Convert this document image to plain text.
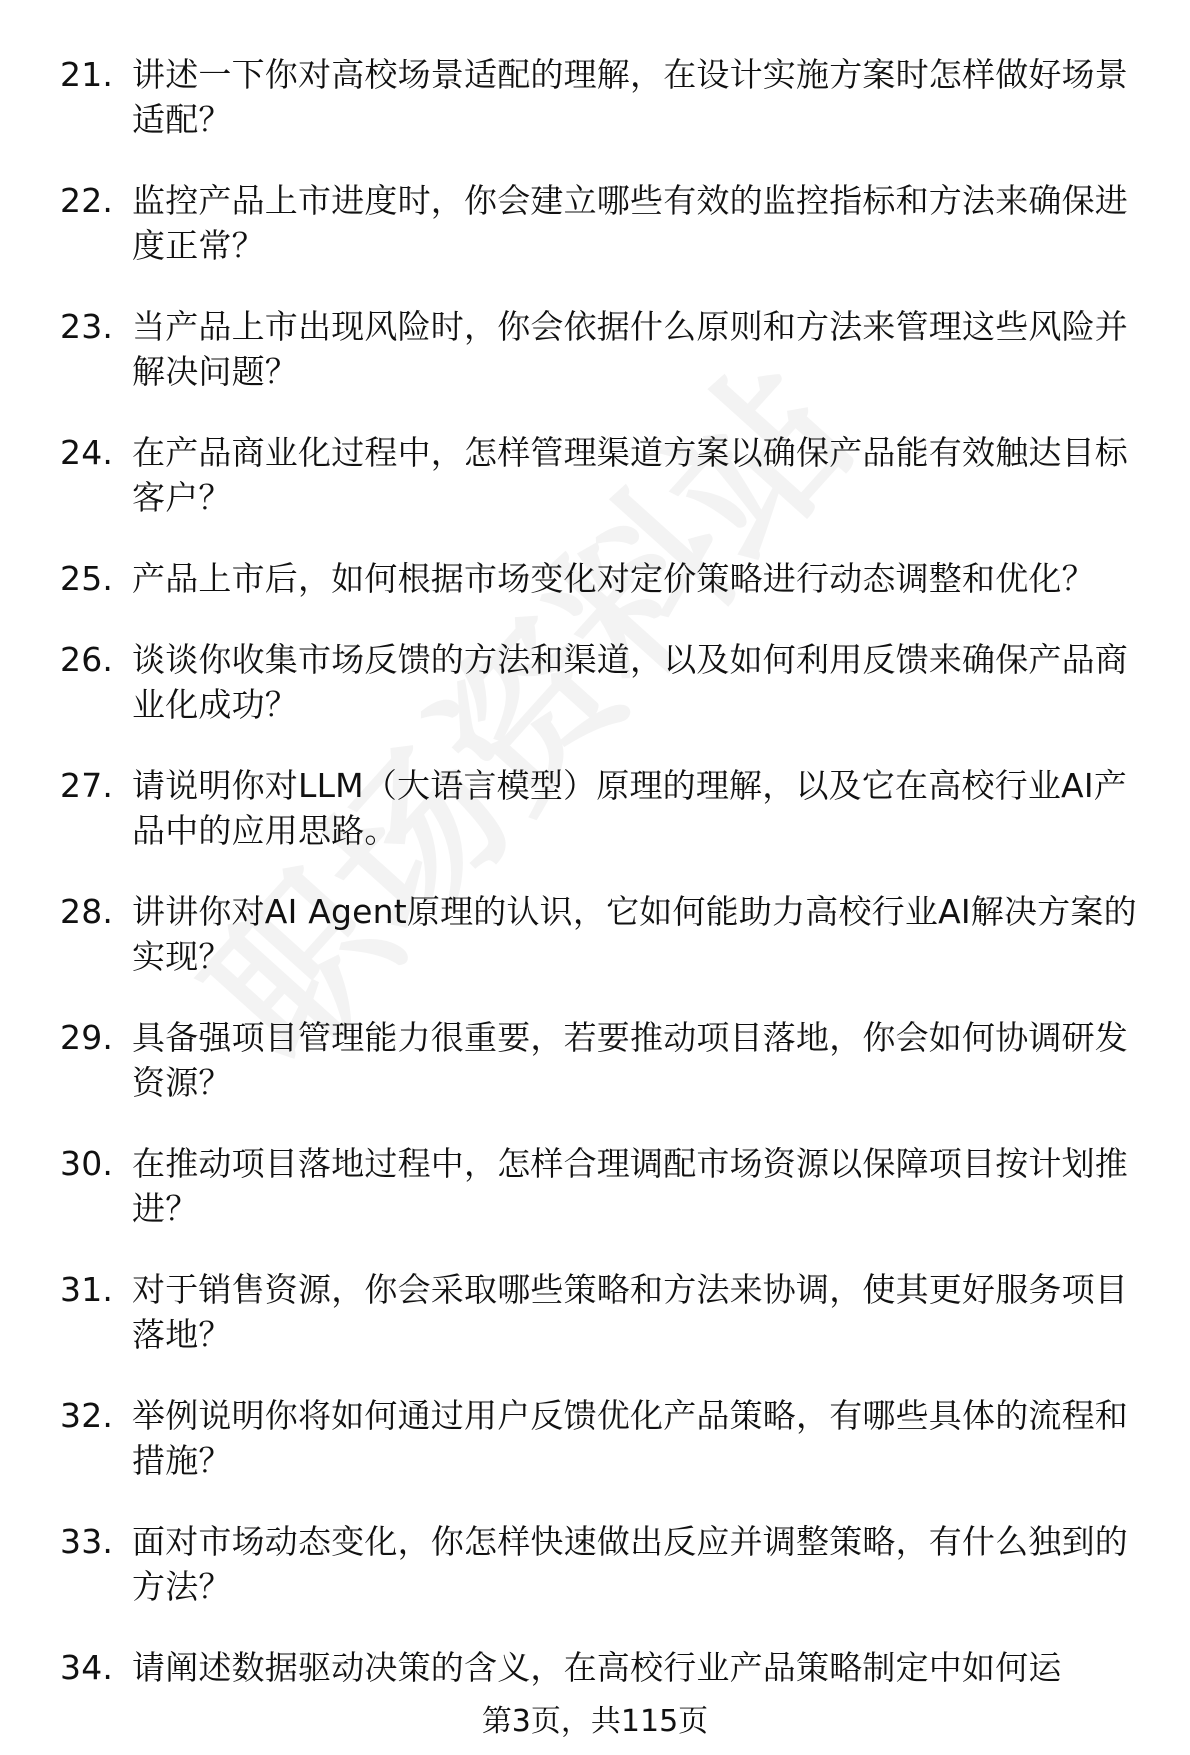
21. 讲述一下你对高校场景适配的理解，在设计实施方案时怎样做好场景适配？
22. 监控产品上市进度时，你会建立哪些有效的监控指标和方法来确保进度正常？
23. 当产品上市出现风险时，你会依据什么原则和方法来管理这些风险并解决问题？
24. 在产品商业化过程中，怎样管理渠道方案以确保产品能有效触达目标客户？
25. 产品上市后，如何根据市场变化对定价策略进行动态调整和优化？
26. 谈谈你收集市场反馈的方法和渠道，以及如何利用反馈来确保产品商业化成功？
27. 请说明你对LLM（大语言模型）原理的理解，以及它在高校行业AI产品中的应用思路。
28. 讲讲你对AI Agent原理的认识，它如何能助力高校行业AI解决方案的实现？
29. 具备强项目管理能力很重要，若要推动项目落地，你会如何协调研发资源？
30. 在推动项目落地过程中，怎样合理调配市场资源以保障项目按计划推进？
31. 对于销售资源，你会采取哪些策略和方法来协调，使其更好服务项目落地？
32. 举例说明你将如何通过用户反馈优化产品策略，有哪些具体的流程和措施？
33. 面对市场动态变化，你怎样快速做出反应并调整策略，有什么独到的方法？
34. 请阐述数据驱动决策的含义，在高校行业产品策略制定中如何运
第3页，共115页
